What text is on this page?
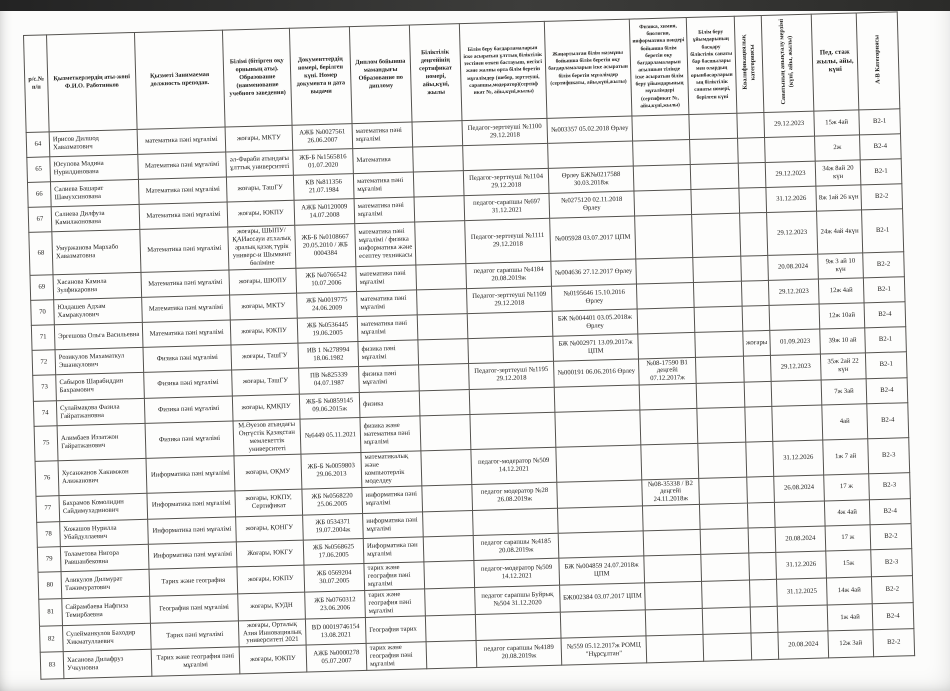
р/с.№ п/п	Қызметкерлердің аты-жөні Ф.И.О. Работников	Қызметі Занимаемая должность преподав.	Білімі (бітірген оқу орнының аты). Образование (наименование учебного заведения)	Документтердің номері, берілген күні. Номер документа и дата выдачи	Диплом бойынша мамандығы Образование по диплому	Біліктілік деңгейінің сертификат номері, айы,күні, жылы	Білім беру бағдарламаларын іске асыратын ұлттық біліктілік тестінен өткен бастауыш, негізгі және жалпы орта білім беретін мұғалімдер (шебер, зерттеуші, сарапшы,модератор)(сертиф икат №, айы,күні,жылы)	Жаңартылған білім мазмұны бойынша білім беретін оқу бағдарламаларын іске асыратын білім беретін мұғалімдер (сертификаты, айы,күні,жылы)	Физика, химия, биология, информатика пәндері бойынша білім беретін оқу бағдарламаларын ағылшын тілінде іске асыратын білім беру ұйымдарының мұғалімдері (сертификат №, айы,күні,жылы)	Білім беру ұйымдарының басқару біліктілік санаты бар басшылары мен олардың орынбасарларының біліктілік санаты номері, берілген күні	Квалификациялық категориясы	Санатының анықталу мерзімі (күні, айы, жылы)	Пед. стаж жылы, айы, күні	А-В Категориясы
64	Ирисов Дилшод Хавазматович	математика пәні мұғалімі	жоғары, МКТУ	АЖБ №0027561 26.06.2007	математика пәні мұғалімі		Педагог-зерттеуші №1100 29.12.2018	№003357 05.02.2018 Өрлеу				29.12.2023	15ж 4ай	В2-1
65	Юсупова Мадина Нурилдинована	Математика пәні мұғалімі	әл-Фараби атындағы ұлттық университеті	ЖБ-Б №1565816 01.07.2020	Математика								2ж	В2-4
66	Салиева Башарат Шамухсинована	Математика пәні мұғалімі	жоғары, ТашГУ	КВ №811356 21.07.1984	математика пәні мұғалімі		Педагог-зерттеуші №1104 29.12.2018	Өрлеу БЖ№0217588 30.03.2018ж				29.12.2023	34ж 8ай 20 күн	В2-1
67	Салиева Дилфуза Камилжонована	Математика пәні мұғалімі	жоғары, ЮКПУ	АЖБ №0120009 14.07.2008	математика пәні мұғалімі		педагог-сарапшы №697 31.12.2021	№0275120 02.11.2018 Өрлеу				31.12.2026	8ж 1ай 26 күн	В2-2
68	Умуржанова Мархабо Хавазматовна	Математика пәні мұғалімі	жоғары, ШЫПУ/ ҚАИассауи ат.халық аралық қазақ түрік универс-и Шымкент бөліміне	ЖБ-Б №0108667 20.05.2010 / ЖБ 0004384	математика пәні мұғалімі / физика информатика және есептеу техникасы		Педагог-зерттеуші №1111 29.12.2018	№005928 03.07.2017 ЦПМ				29.12.2023	24ж 4ай 4күн	В2-1
69	Хасанова Камила Зулфикаровна	Математика пәні мұғалімі	жоғары, ШЮПУ	ЖБ №0766542 10.07.2006	математика пәні мұғалімі		педагог сарапшы №4184 20.08.2019ж	№004636 27.12.2017 Өрлеу				20.08.2024	9ж 3 ай 10 күн	В2-2
70	Юлдашев Адхам Хамракулович	Математика пәні мұғалімі	жоғары, МКТУ	ЖБ №0019775 24.06.2009	математика пәні мұғалімі		Педагог-зерттеуші №1109 29.12.2018	№0195646 15.10.2016 Өрлеу				29.12.2023	12ж 4ай	В2-1
71	Эргешова Ольга Васильевна	Математика пәні мұғалімі	жоғары, ЮКПУ	ЖБ №0536445 19.06.2005	математика пәні мұғалімі			БЖ №004401 03.05.2018ж Өрлеу					12ж 10ай	В2-4
72	Розикулов Махаматкул Эшанкулович	Физика пәні мұғалімі	жоғары, ТашГУ	ИВ 1 №278994 18.06.1982	физика пәні мұғалімі			БЖ №002971 13.09.2017ж ЦПМ			жоғары	01.09.2023	39ж 10 ай	В2-1
73	Сабыров Шарабиддин Бахрамович	Физика пәні мұғалімі	жоғары, ТашГУ	ПВ №825339 04.07.1987	физика пәні мұғалімі		Педагог-зерттеуші №1195 29.12.2018	№000191 06.06.2016 Өрлеу	№08-17590 В1 деңгейі 07.12.2017ж			29.12.2023	35ж 2ай 22 күн	В2-1
74	Сулаймақова Фазила Гайратжановна	Физика пәні мұғалімі	жоғары, ҚМҚПУ	ЖБ-Б №0859145 09.06.2015ж	физика								7ж 3ай	В2-4
75	Алимбаев Иззатжон Гайратжанович	Физика пәні мұғалімі	М.Әуезов атындағы Оңтүстік Қазақстан мемлекеттік университеті	№6449 05.11.2021	физика және математика пәні мұғалімі								4ай	В2-4
76	Хусанжанов Хакимжон Алижанович	Информатика пәні мұғалімі	жоғары, ОҚМУ	ЖБ-Б №0059803 29.06.2013	математикалық және компьютерлік моделдеу		педагог-модератор №509 14.12.2021					31.12.2026	1ж 7 ай	В2-3
77	Бахрамов Комолидин Сайдимухадинович	Информатика пәні мұғалімі	жоғары, ЮКПУ, Сертификат	ЖБ №0568220 25.06.2005	информатика пәні мұғалімі		педагог модератор №28 26.08.2019ж		№08-35338 / В2 деңгейі 24.11.2018ж			26.08.2024	17 ж	В2-3
78	Хожашов Нурилла Убайдуллаевич	Информатика пәні мұғалімі	жоғары, ҚОНГУ	ЖБ 0534371 19.07.2004ж	информатика пәні мұғалімі								4ж 4ай	В2-4
79	Толаметова Нигора Равшанбековна	Информатика пәні мұғалімі	Жоғары, ЮКГУ	ЖБ №0568625 17.06.2005	Информатика пән мұғалімі		педагог сарапшы №4185 20.08.2019ж					20.08.2024	17 ж	В2-2
80	Аликулов Дилмурат Тажимуратович	Тарих және география	жоғары, ЮКПУ	ЖБ 0569204 30.07.2005	тарих және география пәні мұғалімі		педагог-модератор №509 14.12.2021	БЖ №004859 24.07.2018ж ЦПМ				31.12.2026	15ж	В2-3
81	Сайрамбаева Нафгиза Темирбаевна	География пәні мұғалімі	жоғары, КУДН	ЖБ №0760312 23.06.2006	тарих және география пәні мұғалімі		педагог сарапшы Буйрық №504 31.12.2020	БЖ002384 03.07.2017 ЦПМ				31.12.2025	14ж 4ай	В2-2
82	Сулейманкулов Баходир Хикматуллаевич	Тарих пәні мұғалімі	жоғары, Орталық Азия Инновациялық университеті 2021	BD 00019746154 13.08.2021	География тарих								1ж 4ай	В2-4
83	Хасанова Дилафруз Учкуновна	Тарих және география пәні мұғалімі	жоғары, ЮКПУ	АЖБ №0000278 05.07.2007	тарих және география пәні мұғалімі		педагог сарапшы №4189 20.08.2019ж	№559 05.12.2017ж РОМЦ "Нұрсұлтан"				20.08.2024	12ж 3ай	В2-2
